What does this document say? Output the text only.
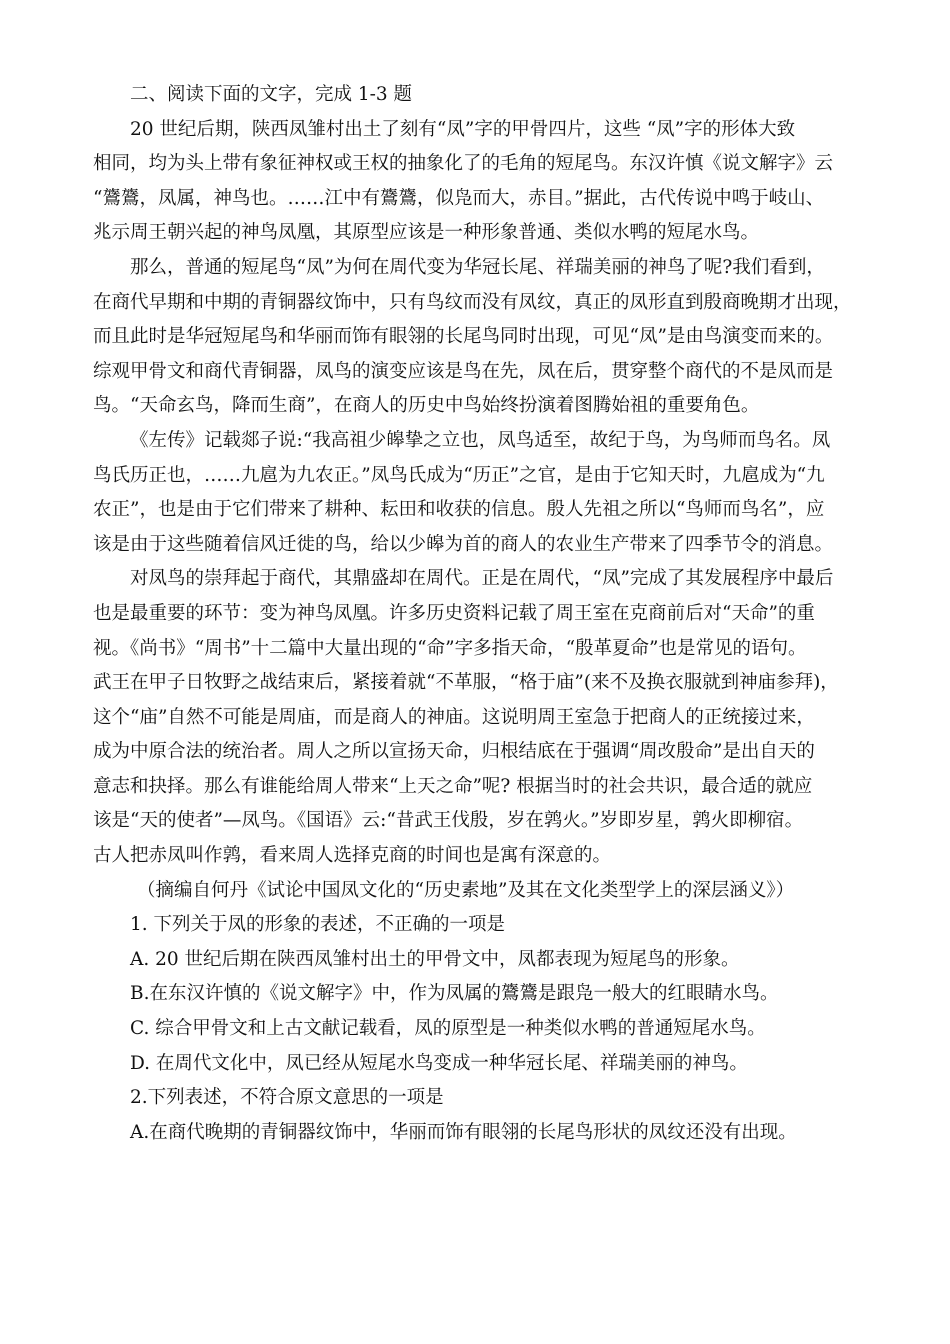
二、阅读下面的文字，完成 1-3 题
20 世纪后期，陕西凤雏村出土了刻有“凤”字的甲骨四片，这些 “凤”字的形体大致
相同，均为头上带有象征神权或王权的抽象化了的毛角的短尾鸟。东汉许慎《说文解字》云
“鷟鷟，凤属，神鸟也。……江中有鷟鷟，似凫而大，赤目。”据此，古代传说中鸣于岐山、
兆示周王朝兴起的神鸟凤凰，其原型应该是一种形象普通、类似水鸭的短尾水鸟。
那么，普通的短尾鸟“凤”为何在周代变为华冠长尾、祥瑞美丽的神鸟了呢?我们看到，
在商代早期和中期的青铜器纹饰中，只有鸟纹而没有凤纹，真正的凤形直到殷商晚期才出现，
而且此时是华冠短尾鸟和华丽而饰有眼翎的长尾鸟同时出现，可见“凤”是由鸟演变而来的。
综观甲骨文和商代青铜器，凤鸟的演变应该是鸟在先，凤在后，贯穿整个商代的不是凤而是
鸟。“天命玄鸟，降而生商”，在商人的历史中鸟始终扮演着图腾始祖的重要角色。
《左传》记载郯子说:“我高祖少皞挚之立也，凤鸟适至，故纪于鸟，为鸟师而鸟名。凤
鸟氏历正也，……九扈为九农正。”凤鸟氏成为“历正”之官，是由于它知天时，九扈成为“九
农正”，也是由于它们带来了耕种、耘田和收获的信息。殷人先祖之所以“鸟师而鸟名”，应
该是由于这些随着信风迁徙的鸟，给以少皞为首的商人的农业生产带来了四季节令的消息。
对凤鸟的崇拜起于商代，其鼎盛却在周代。正是在周代，“凤”完成了其发展程序中最后
也是最重要的环节：变为神鸟凤凰。许多历史资料记载了周王室在克商前后对“天命”的重
视。《尚书》“周书”十二篇中大量出现的“命”字多指天命，“殷革夏命”也是常见的语句。
武王在甲子日牧野之战结束后，紧接着就“不革服，“格于庙”(来不及换衣服就到神庙参拜)，
这个“庙”自然不可能是周庙，而是商人的神庙。这说明周王室急于把商人的正统接过来，
成为中原合法的统治者。周人之所以宣扬天命，归根结底在于强调“周改殷命”是出自天的
意志和抉择。那么有谁能给周人带来“上天之命”呢? 根据当时的社会共识，最合适的就应
该是“天的使者”—凤鸟。《国语》云:“昔武王伐殷，岁在鹑火。”岁即岁星，鹑火即柳宿。
古人把赤凤叫作鹑，看来周人选择克商的时间也是寓有深意的。
（摘编自何丹《试论中国凤文化的“历史素地”及其在文化类型学上的深层涵义》）
1. 下列关于凤的形象的表述，不正确的一项是
A. 20 世纪后期在陕西凤雏村出土的甲骨文中，凤都表现为短尾鸟的形象。
B.在东汉许慎的《说文解字》中，作为凤属的鷟鷟是跟凫一般大的红眼睛水鸟。
C. 综合甲骨文和上古文献记载看，凤的原型是一种类似水鸭的普通短尾水鸟。
D. 在周代文化中，凤已经从短尾水鸟变成一种华冠长尾、祥瑞美丽的神鸟。
2.下列表述，不符合原文意思的一项是
A.在商代晚期的青铜器纹饰中，华丽而饰有眼翎的长尾鸟形状的凤纹还没有出现。
